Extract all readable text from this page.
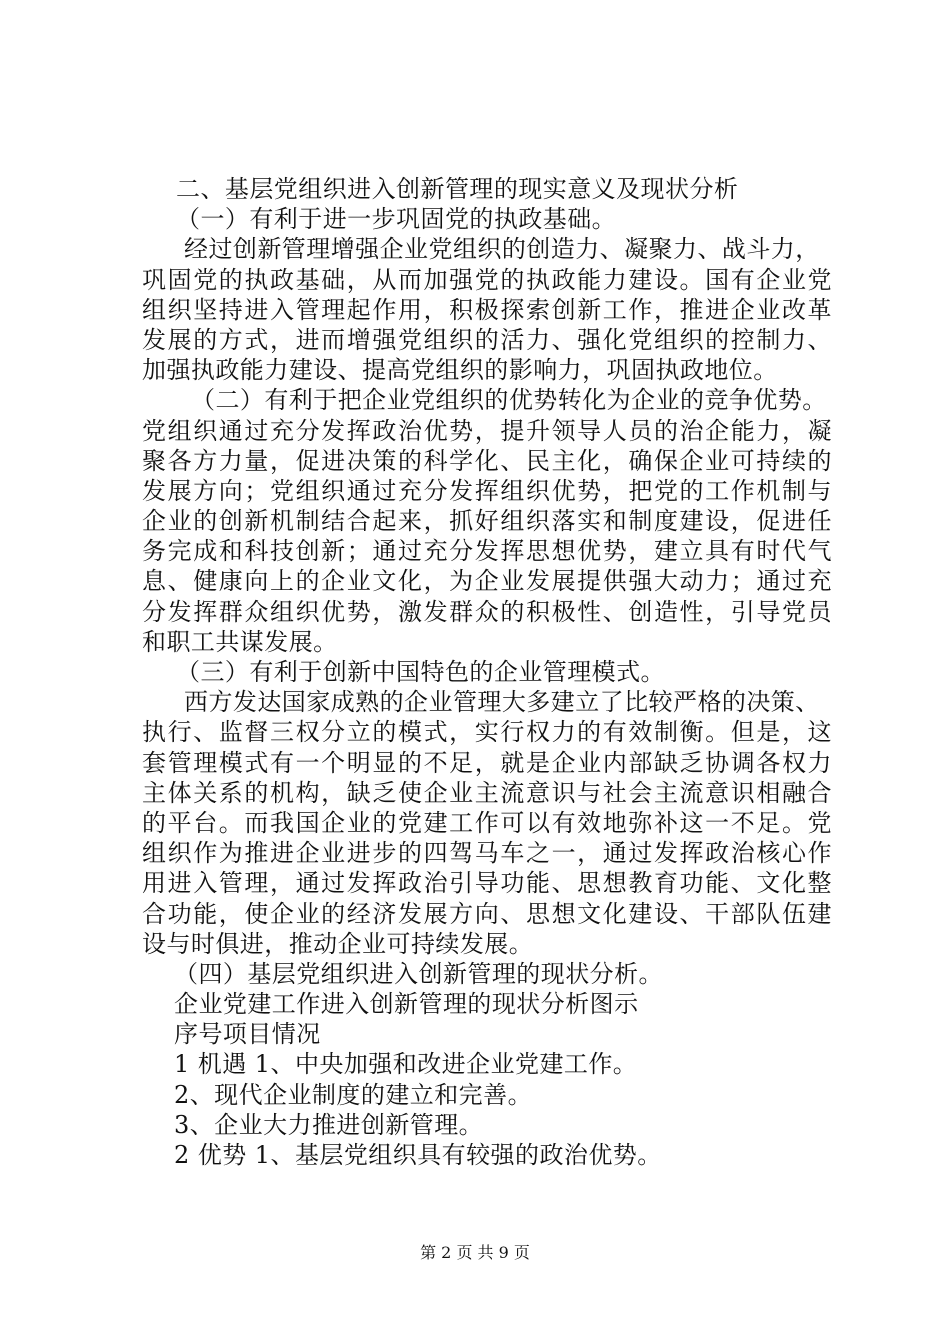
二、基层党组织进入创新管理的现实意义及现状分析
（一）有利于进一步巩固党的执政基础。
经过创新管理增强企业党组织的创造力、凝聚力、战斗力，
巩固党的执政基础，从而加强党的执政能力建设。国有企业党
组织坚持进入管理起作用，积极探索创新工作，推进企业改革
发展的方式，进而增强党组织的活力、强化党组织的控制力、
加强执政能力建设、提高党组织的影响力，巩固执政地位。
（二）有利于把企业党组织的优势转化为企业的竞争优势。
党组织通过充分发挥政治优势，提升领导人员的治企能力，凝
聚各方力量，促进决策的科学化、民主化，确保企业可持续的
发展方向；党组织通过充分发挥组织优势，把党的工作机制与
企业的创新机制结合起来，抓好组织落实和制度建设，促进任
务完成和科技创新；通过充分发挥思想优势，建立具有时代气
息、健康向上的企业文化，为企业发展提供强大动力；通过充
分发挥群众组织优势，激发群众的积极性、创造性，引导党员
和职工共谋发展。
（三）有利于创新中国特色的企业管理模式。
西方发达国家成熟的企业管理大多建立了比较严格的决策、
执行、监督三权分立的模式，实行权力的有效制衡。但是，这
套管理模式有一个明显的不足，就是企业内部缺乏协调各权力
主体关系的机构，缺乏使企业主流意识与社会主流意识相融合
的平台。而我国企业的党建工作可以有效地弥补这一不足。党
组织作为推进企业进步的四驾马车之一，通过发挥政治核心作
用进入管理，通过发挥政治引导功能、思想教育功能、文化整
合功能，使企业的经济发展方向、思想文化建设、干部队伍建
设与时俱进，推动企业可持续发展。
（四）基层党组织进入创新管理的现状分析。
企业党建工作进入创新管理的现状分析图示
序号项目情况
1 机遇 1、中央加强和改进企业党建工作。
2、现代企业制度的建立和完善。
3、企业大力推进创新管理。
2 优势 1、基层党组织具有较强的政治优势。
第 2 页 共 9 页
